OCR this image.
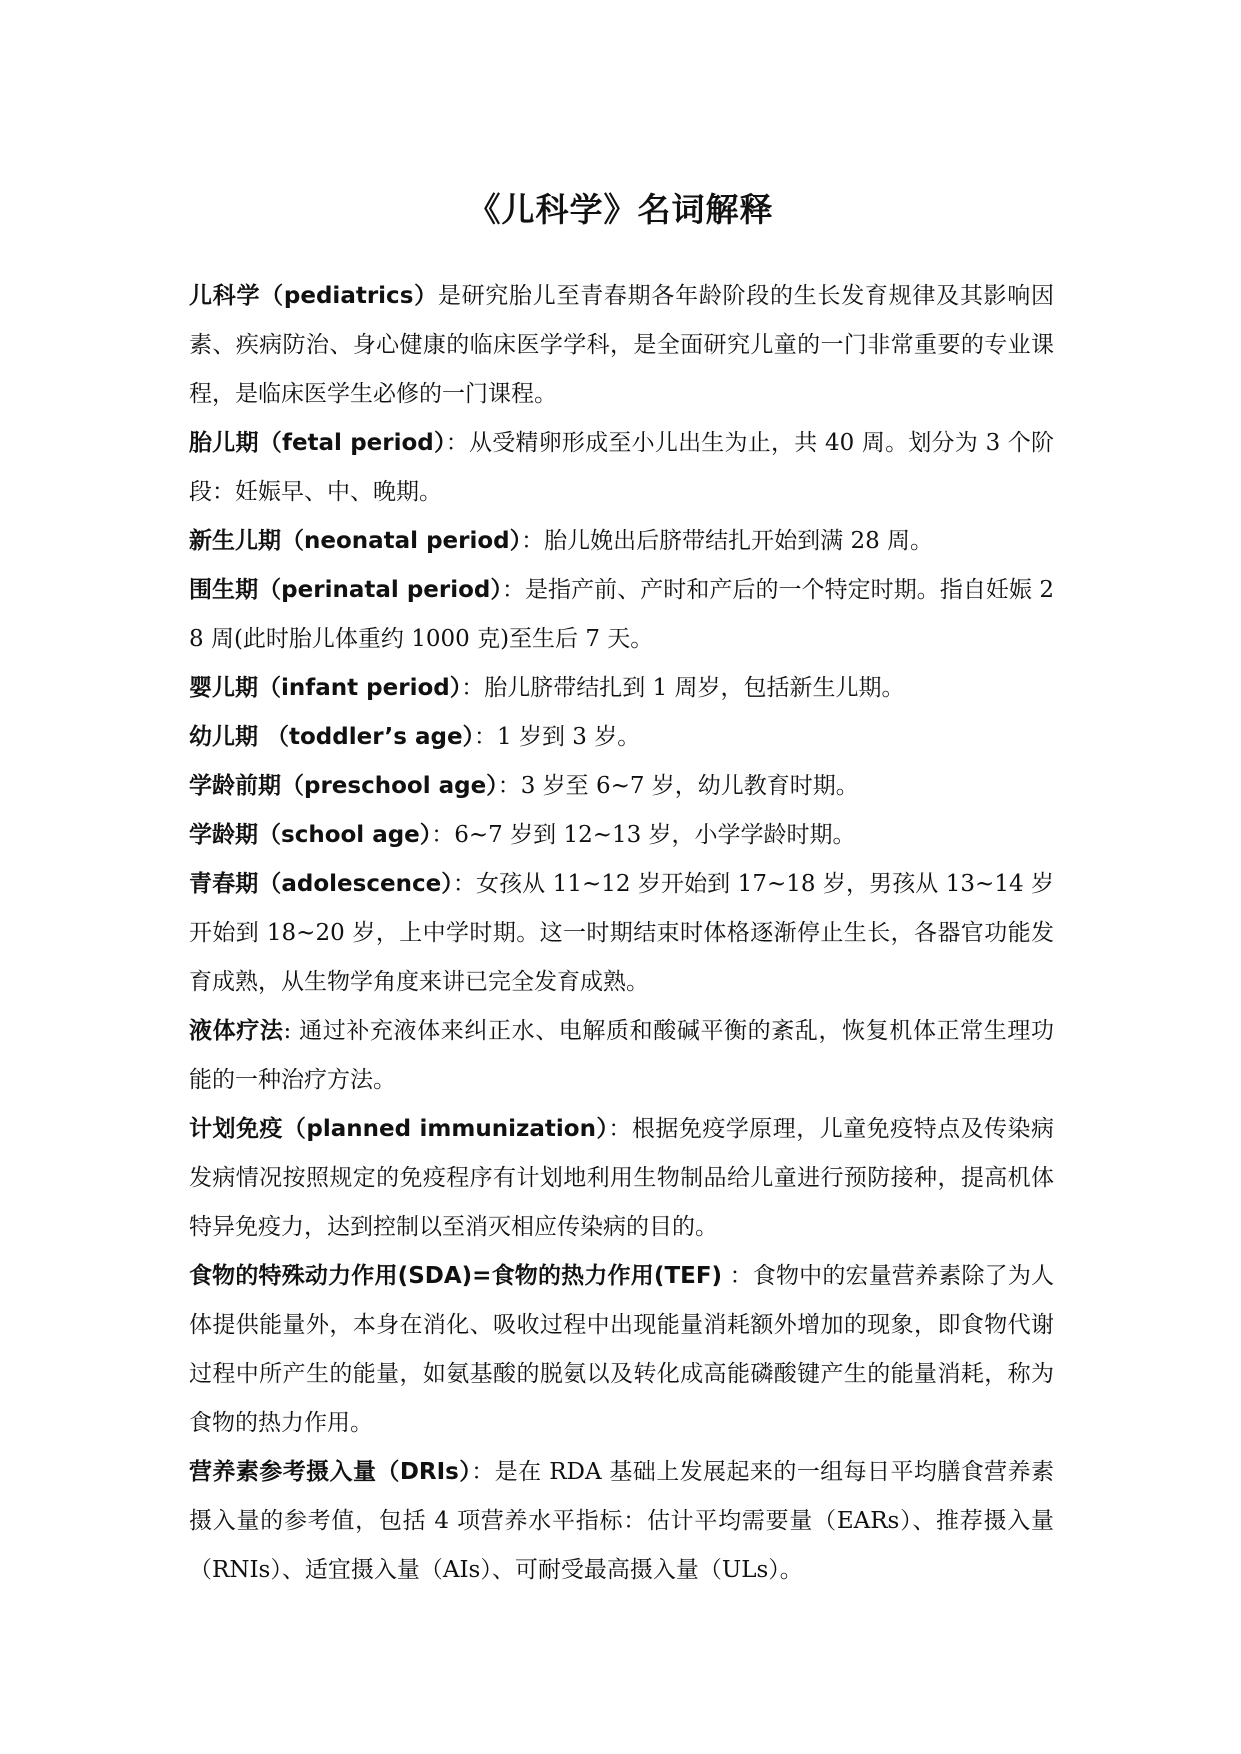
《儿科学》名词解释

儿科学（pediatrics）是研究胎儿至青春期各年龄阶段的生长发育规律及其影响因素、疾病防治、身心健康的临床医学学科，是全面研究儿童的一门非常重要的专业课程，是临床医学生必修的一门课程。

胎儿期（fetal period）：从受精卵形成至小儿出生为止，共 40 周。划分为 3 个阶段：妊娠早、中、晚期。

新生儿期（neonatal period）：胎儿娩出后脐带结扎开始到满 28 周。

围生期（perinatal period）：是指产前、产时和产后的一个特定时期。指自妊娠 28 周(此时胎儿体重约 1000 克)至生后 7 天。

婴儿期（infant period）：胎儿脐带结扎到 1 周岁，包括新生儿期。

幼儿期 （toddler’s age）：1 岁到 3 岁。

学龄前期（preschool age）：3 岁至 6~7 岁，幼儿教育时期。

学龄期（school age）：6~7 岁到 12~13 岁，小学学龄时期。

青春期（adolescence）：女孩从 11~12 岁开始到 17~18 岁，男孩从 13~14 岁开始到 18~20 岁，上中学时期。这一时期结束时体格逐渐停止生长，各器官功能发育成熟，从生物学角度来讲已完全发育成熟。

液体疗法: 通过补充液体来纠正水、电解质和酸碱平衡的紊乱，恢复机体正常生理功能的一种治疗方法。

计划免疫（planned immunization）：根据免疫学原理，儿童免疫特点及传染病发病情况按照规定的免疫程序有计划地利用生物制品给儿童进行预防接种，提高机体特异免疫力，达到控制以至消灭相应传染病的目的。

食物的特殊动力作用(SDA)=食物的热力作用(TEF) ：食物中的宏量营养素除了为人体提供能量外，本身在消化、吸收过程中出现能量消耗额外增加的现象，即食物代谢过程中所产生的能量，如氨基酸的脱氨以及转化成高能磷酸键产生的能量消耗，称为食物的热力作用。

营养素参考摄入量（DRIs）：是在 RDA 基础上发展起来的一组每日平均膳食营养素摄入量的参考值，包括 4 项营养水平指标：估计平均需要量（EARs）、推荐摄入量（RNIs）、适宜摄入量（AIs）、可耐受最高摄入量（ULs）。
